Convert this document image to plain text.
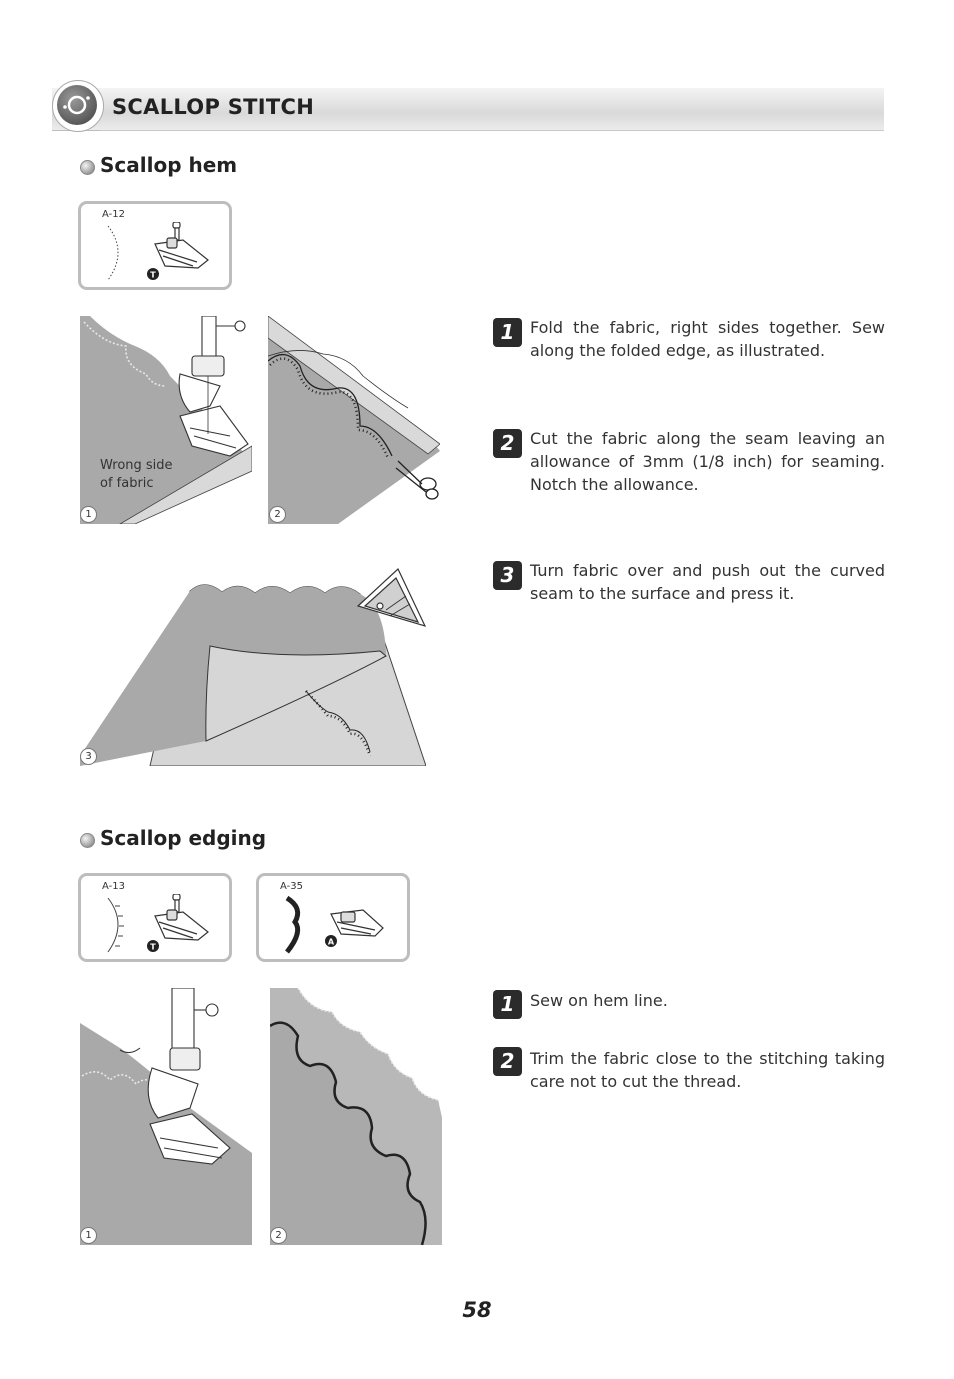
SCALLOP STITCH
Scallop hem
A-12
T
Wrong side
of fabric
1	2
3
1 Fold the fabric, right sides together. Sew along the folded edge, as illustrated.
2 Cut the fabric along the seam leaving an allowance of 3mm (1/8 inch) for seaming. Notch the allowance.
3 Turn fabric over and push out the curved seam to the surface and press it.
Scallop edging
A-13
T
A-35
A
1	2
1 Sew on hem line.
2 Trim the fabric close to the stitching taking care not to cut the thread.
58
